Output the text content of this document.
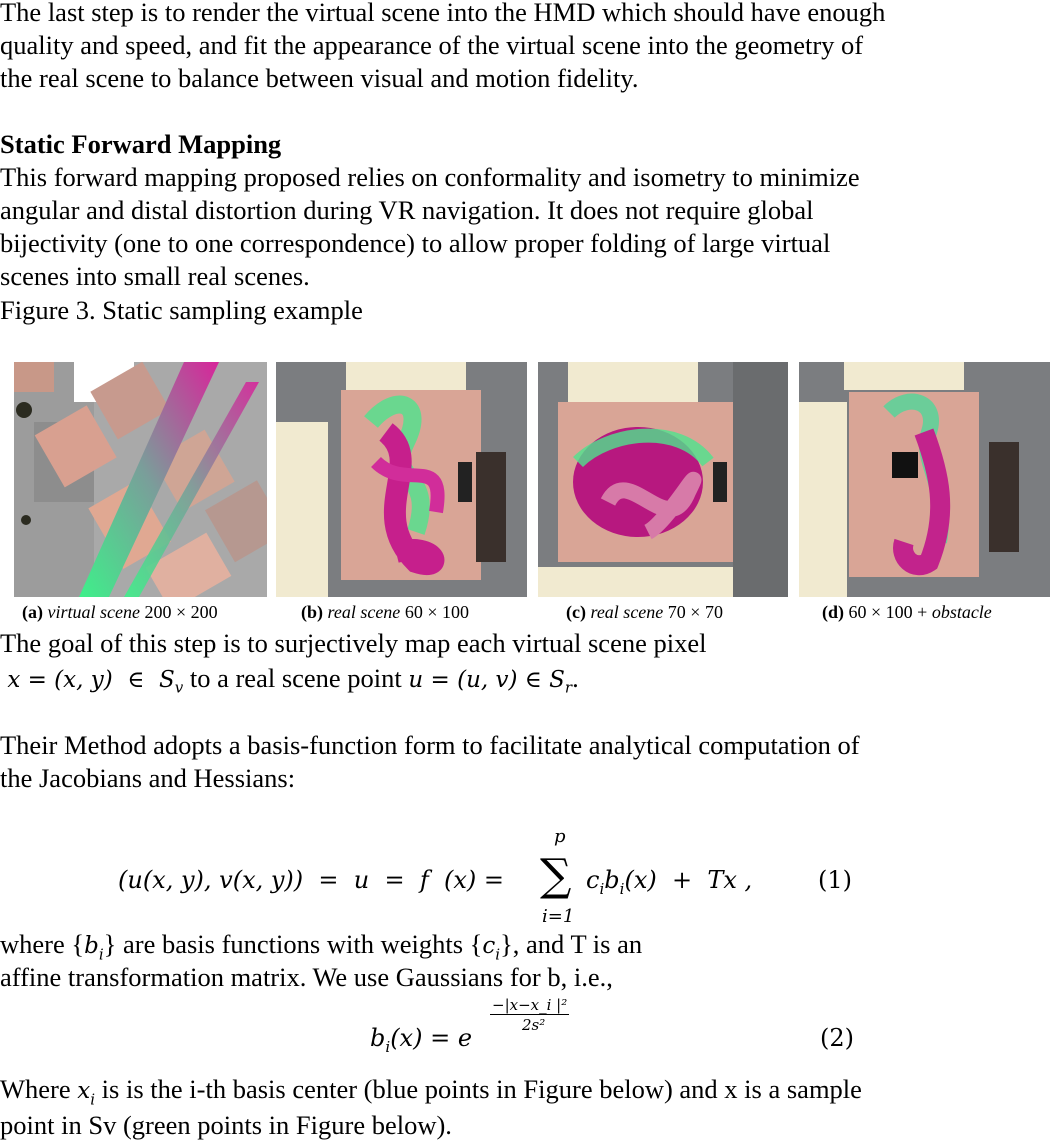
The last step is to render the virtual scene into the HMD which should have enough
quality and speed, and fit the appearance of the virtual scene into the geometry of
the real scene to balance between visual and motion fidelity.
Static Forward Mapping
This forward mapping proposed relies on conformality and isometry to minimize
angular and distal distortion during VR navigation. It does not require global
bijectivity (one to one correspondence) to allow proper folding of large virtual
scenes into small real scenes.
Figure 3. Static sampling example
(a) virtual scene 200 × 200	(b) real scene 60 × 100	(c) real scene 70 × 70	(d) 60 × 100 + obstacle
The goal of this step is to surjectively map each virtual scene pixel
x = (x, y)  ∈  $S_v$ to a real scene point u = (u, v) ∈ $S_r$.
Their Method adopts a basis-function form to facilitate analytical computation of
the Jacobians and Hessians:
(u(x, y), v(x, y))  =  u  =  f  (x) =
p
∑
i=1
$c_ib_i(x) + Tx$ ,	(1)
where $\{b_i\}$ are basis functions with weights $\{c_i\}$, and T is an
affine transformation matrix. We use Gaussians for b, i.e.,
$b_i(x) = e$
−|x−x_i |²
2s²	(2)
Where $x_i$ is is the i-th basis center (blue points in Figure below) and x is a sample
point in Sv (green points in Figure below).
